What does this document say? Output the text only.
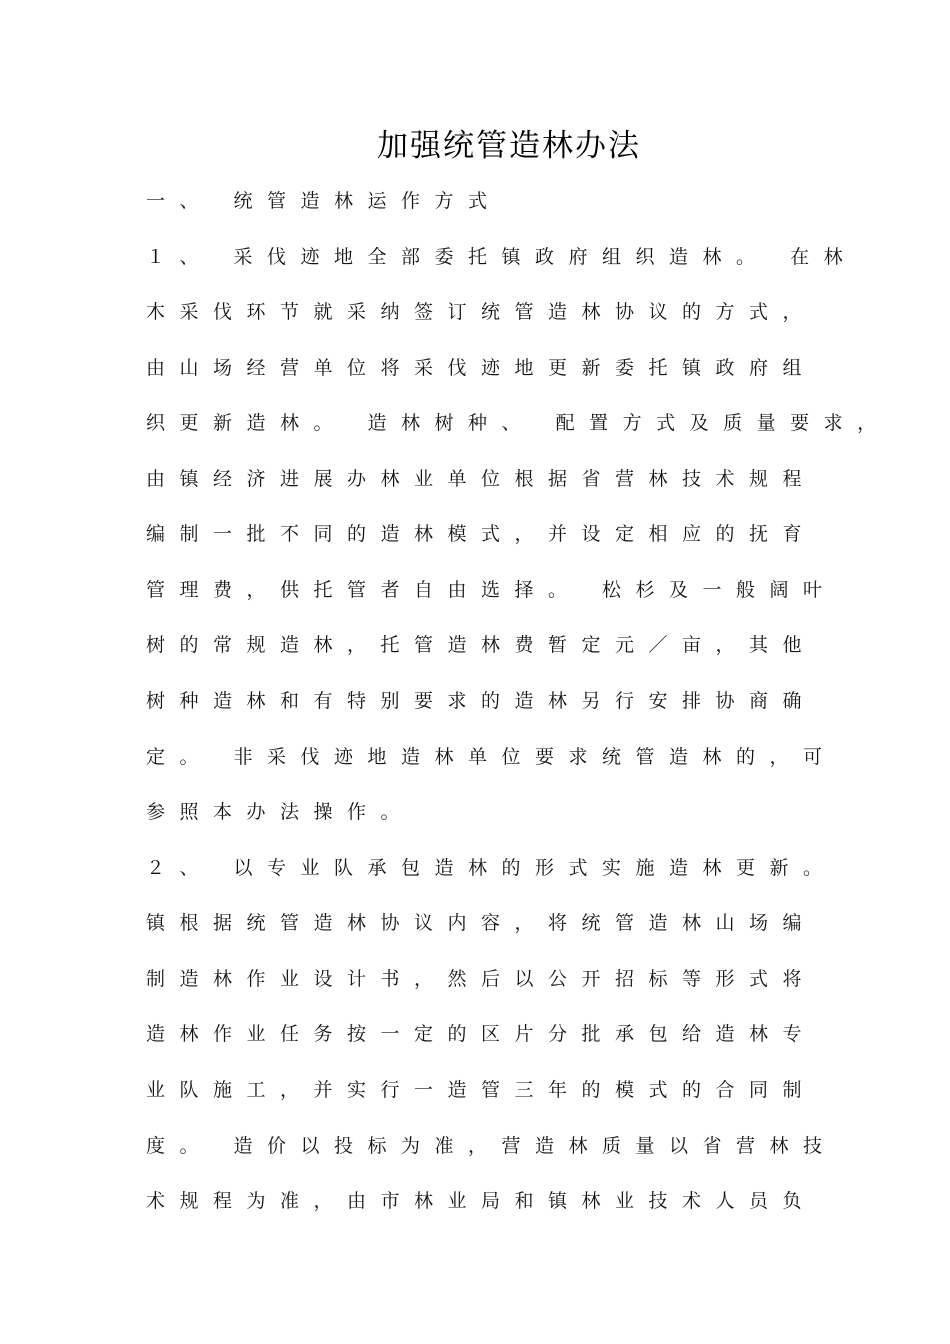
加强统管造林办法
一、 统管造林运作方式
１、 采伐迹地全部委托镇政府组织造林。 在林
木采伐环节就采纳签订统管造林协议的方式，
由山场经营单位将采伐迹地更新委托镇政府组
织更新造林。 造林树种、 配置方式及质量要求，
由镇经济进展办林业单位根据省营林技术规程
编制一批不同的造林模式，并设定相应的抚育
管理费，供托管者自由选择。 松杉及一般阔叶
树的常规造林，托管造林费暂定元／亩，其他
树种造林和有特别要求的造林另行安排协商确
定。 非采伐迹地造林单位要求统管造林的，可
参照本办法操作。
２、 以专业队承包造林的形式实施造林更新。
镇根据统管造林协议内容，将统管造林山场编
制造林作业设计书，然后以公开招标等形式将
造林作业任务按一定的区片分批承包给造林专
业队施工，并实行一造管三年的模式的合同制
度。 造价以投标为准，营造林质量以省营林技
术规程为准，由市林业局和镇林业技术人员负
